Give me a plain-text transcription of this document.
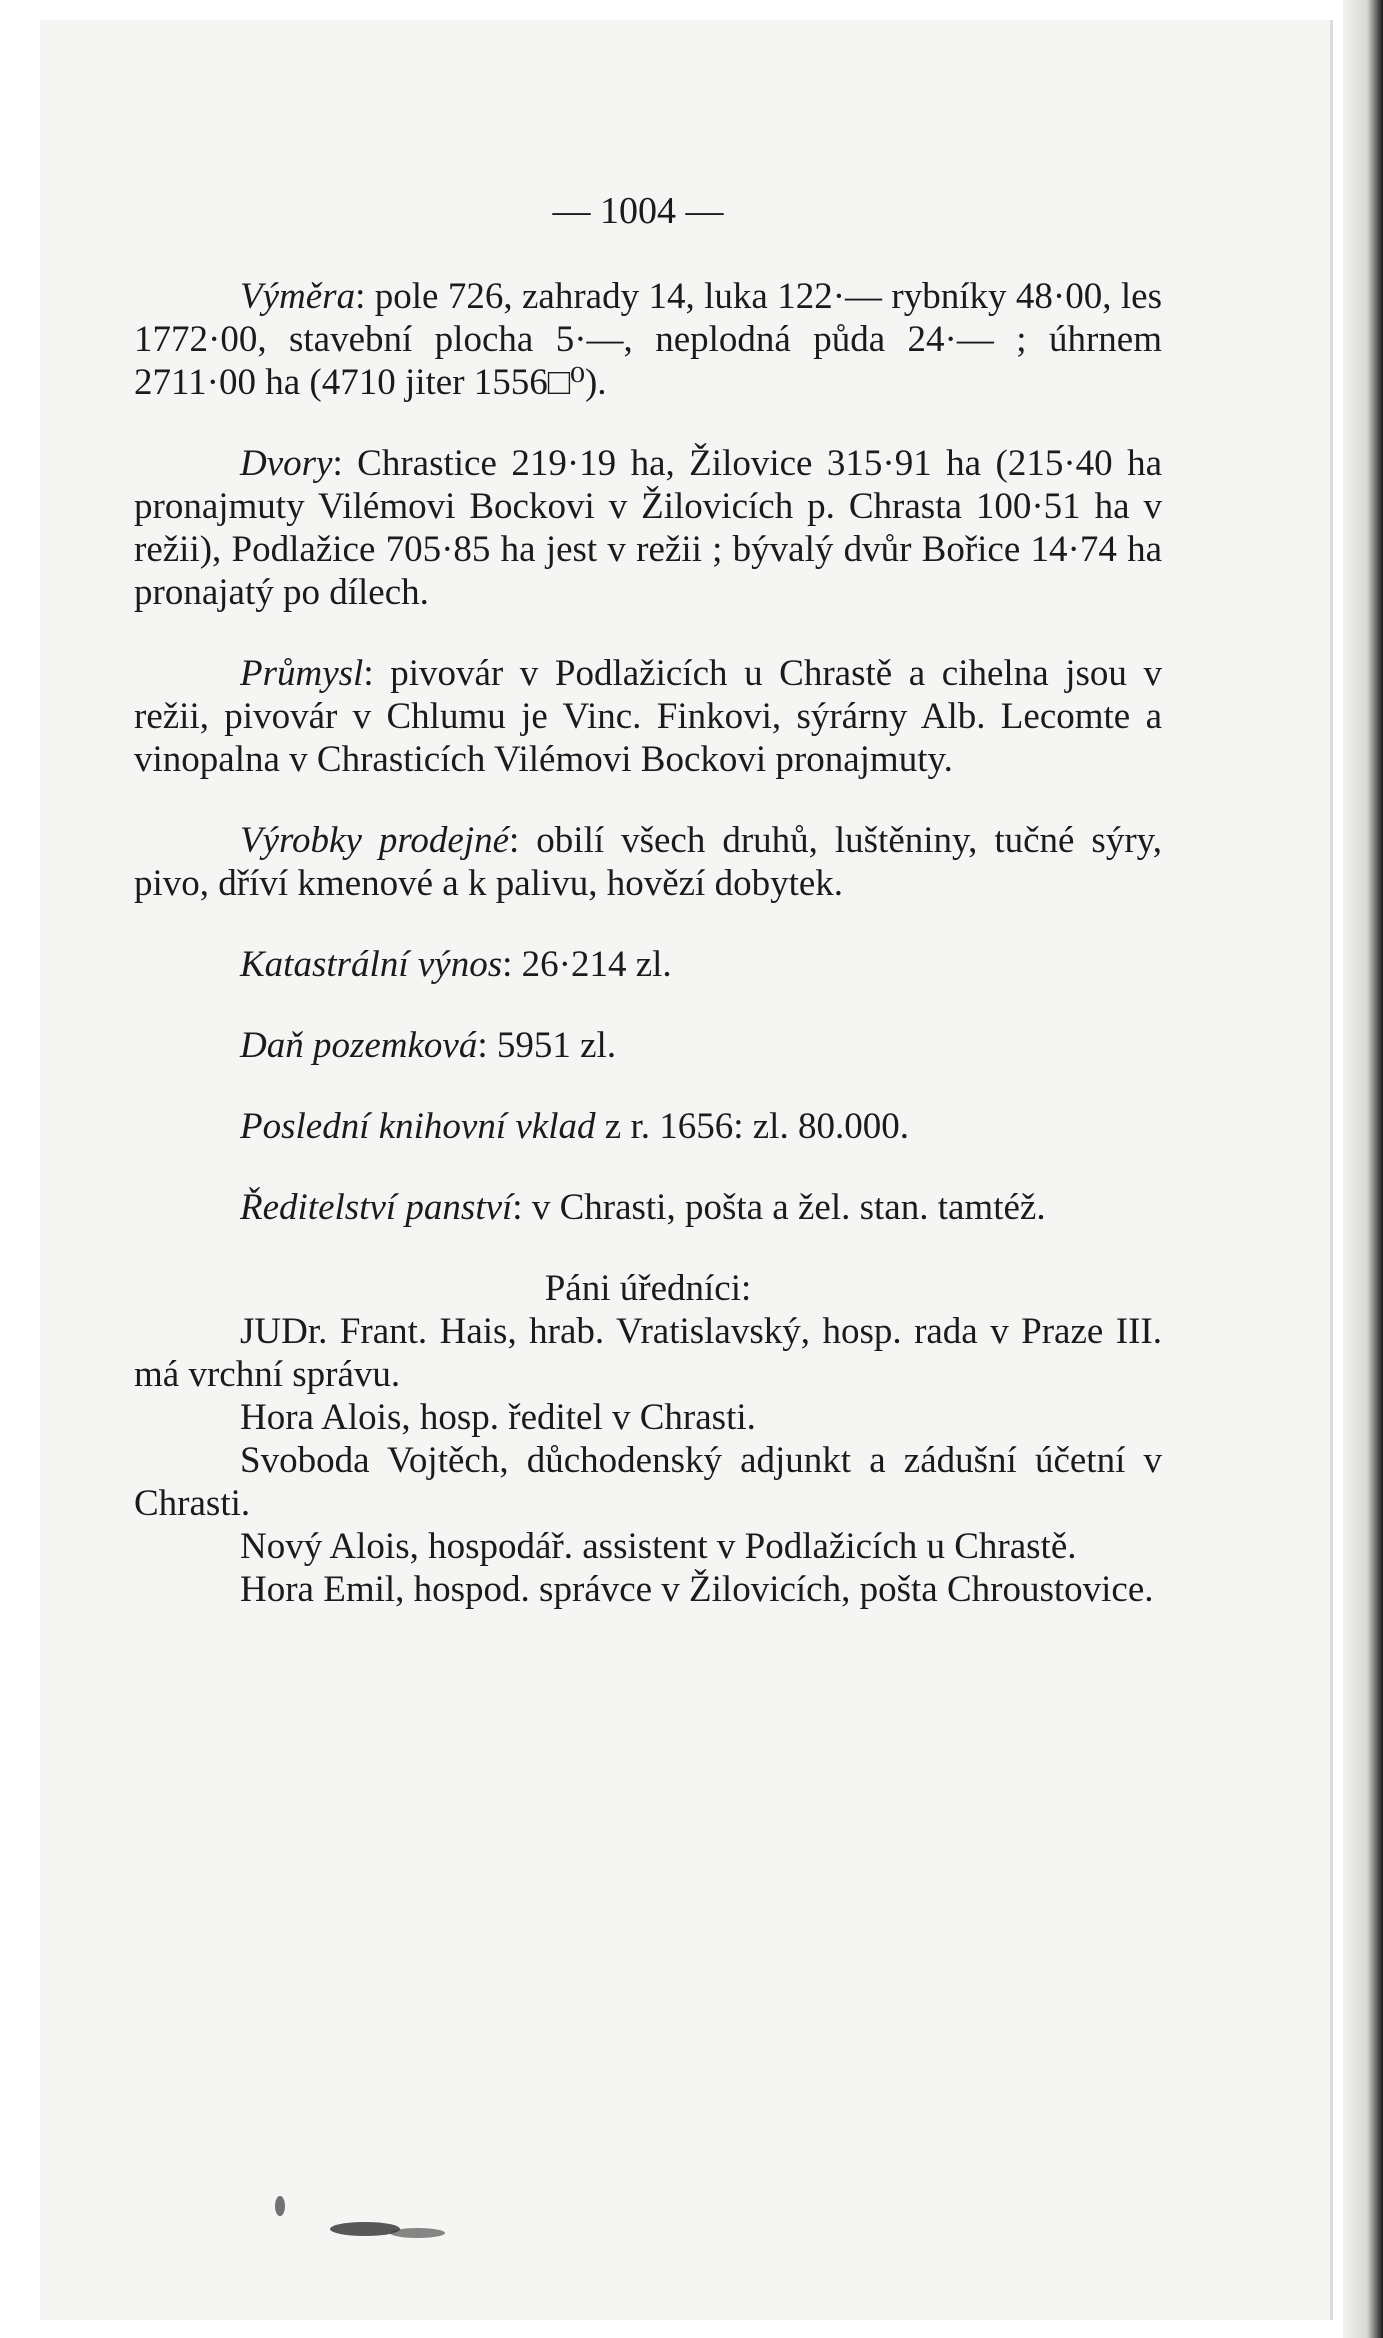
— 1004 —

Výměra: pole 726, zahrady 14, luka 122·— rybníky 48·00, les 1772·00, stavební plocha 5·—, neplodná půda 24·— ; úhrnem 2711·00 ha (4710 jiter 1556□⁰).

Dvory: Chrastice 219·19 ha, Žilovice 315·91 ha (215·40 ha pronajmuty Vilémovi Bockovi v Žilovicích p. Chrasta 100·51 ha v režii), Podlažice 705·85 ha jest v režii ; bývalý dvůr Bořice 14·74 ha pronajatý po dílech.

Průmysl: pivovár v Podlažicích u Chrastě a cihelna jsou v režii, pivovár v Chlumu je Vinc. Finkovi, sýrárny Alb. Lecomte a vinopalna v Chrasticích Vilémovi Bockovi pronajmuty.

Výrobky prodejné: obilí všech druhů, luštěniny, tučné sýry, pivo, dříví kmenové a k palivu, hovězí dobytek.

Katastrální výnos: 26·214 zl.

Daň pozemková: 5951 zl.

Poslední knihovní vklad z r. 1656: zl. 80.000.

Ředitelství panství: v Chrasti, pošta a žel. stan. tamtéž.

Páni úředníci:

JUDr. Frant. Hais, hrab. Vratislavský, hosp. rada v Praze III. má vrchní správu.

Hora Alois, hosp. ředitel v Chrasti.

Svoboda Vojtěch, důchodenský adjunkt a zádušní účetní v Chrasti.

Nový Alois, hospodář. assistent v Podlažicích u Chrastě.

Hora Emil, hospod. správce v Žilovicích, pošta Chroustovice.
